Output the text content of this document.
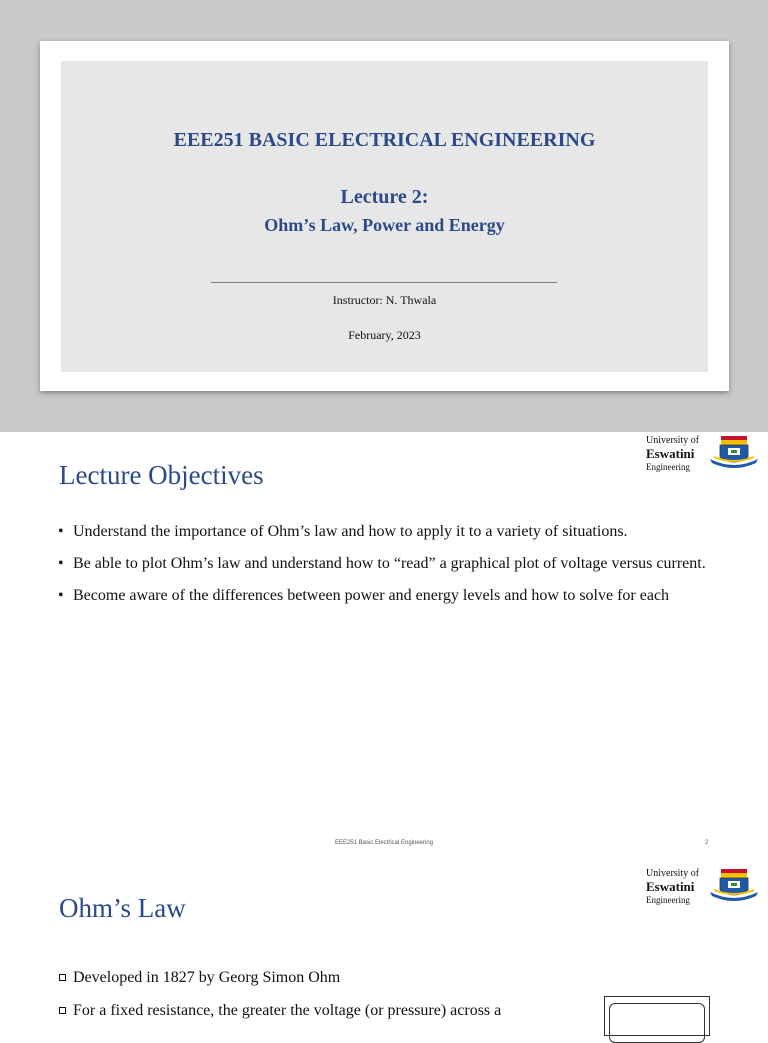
EEE251 BASIC ELECTRICAL ENGINEERING
Lecture 2:
Ohm’s Law, Power and Energy
Instructor: N. Thwala
February, 2023
University of
Eswatini
Engineering
Lecture Objectives
• Understand the importance of Ohm’s law and how to apply it to a variety of situations.
• Be able to plot Ohm’s law and understand how to “read” a graphical plot of voltage versus current.
• Become aware of the differences between power and energy levels and how to solve for each
EEE251 Basic Electrical Engineering	2
University of
Eswatini
Engineering
Ohm’s Law
Developed in 1827 by Georg Simon Ohm
For a fixed resistance, the greater the voltage (or pressure) across a
